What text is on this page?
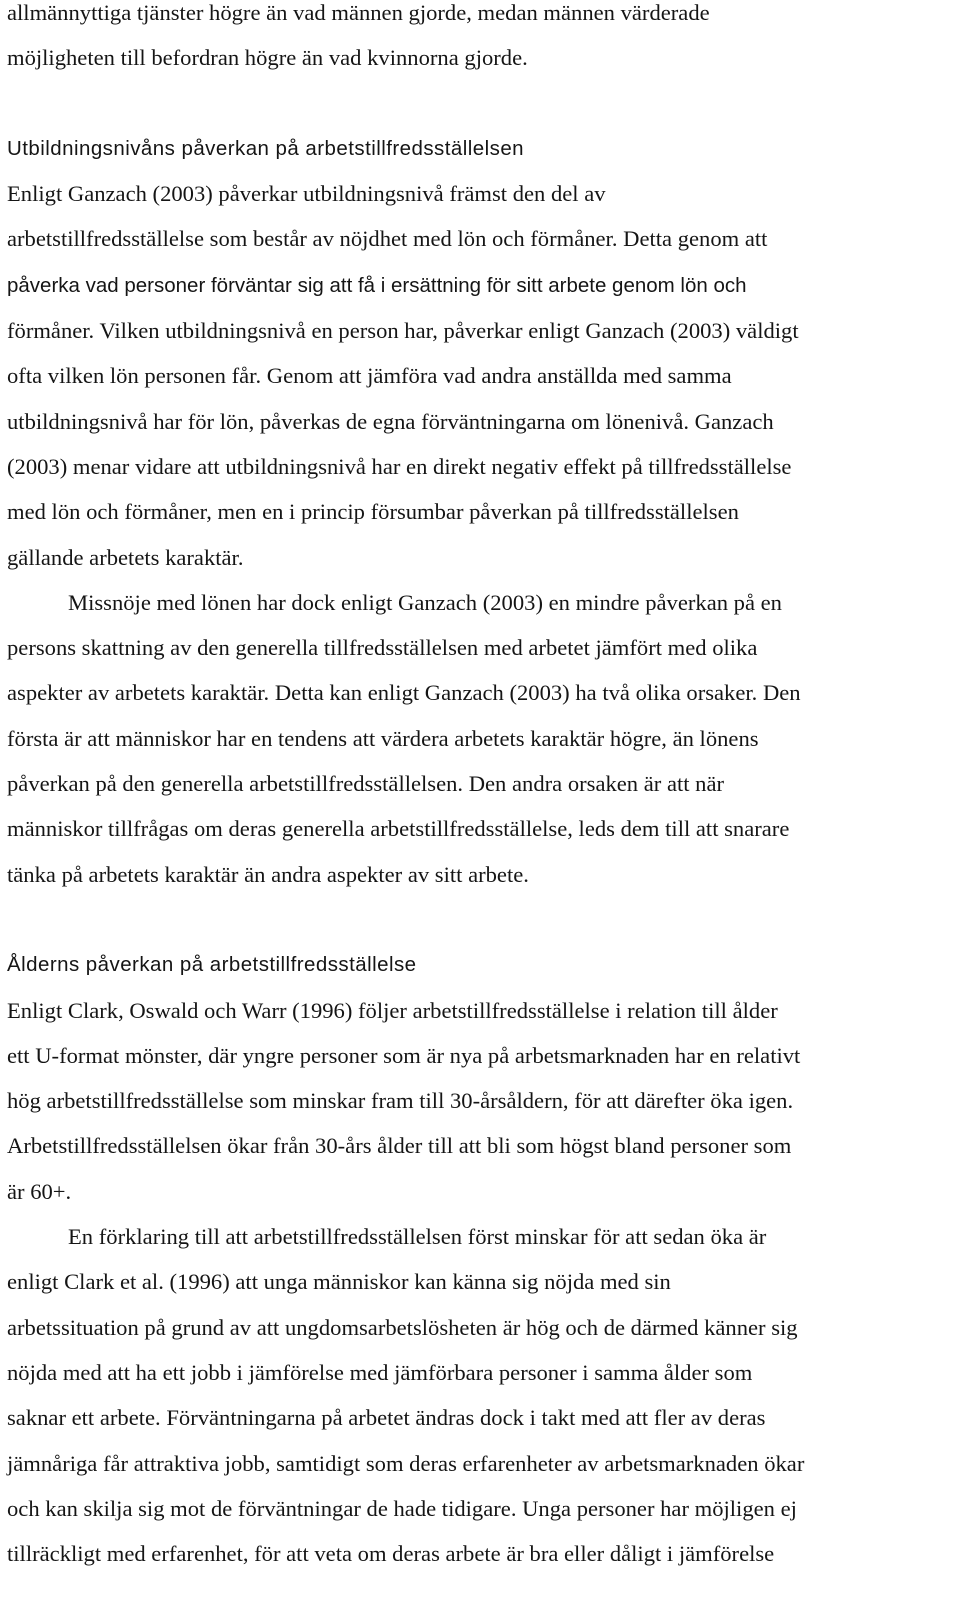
allmännyttiga tjänster högre än vad männen gjorde, medan männen värderade
möjligheten till befordran högre än vad kvinnorna gjorde.

Utbildningsnivåns påverkan på arbetstillfredsställelsen

Enligt Ganzach (2003) påverkar utbildningsnivå främst den del av
arbetstillfredsställelse som består av nöjdhet med lön och förmåner. Detta genom att
påverka vad personer förväntar sig att få i ersättning för sitt arbete genom lön och
förmåner. Vilken utbildningsnivå en person har, påverkar enligt Ganzach (2003) väldigt
ofta vilken lön personen får. Genom att jämföra vad andra anställda med samma
utbildningsnivå har för lön, påverkas de egna förväntningarna om lönenivå. Ganzach
(2003) menar vidare att utbildningsnivå har en direkt negativ effekt på tillfredsställelse
med lön och förmåner, men en i princip försumbar påverkan på tillfredsställelsen
gällande arbetets karaktär.

Missnöje med lönen har dock enligt Ganzach (2003) en mindre påverkan på en
persons skattning av den generella tillfredsställelsen med arbetet jämfört med olika
aspekter av arbetets karaktär. Detta kan enligt Ganzach (2003) ha två olika orsaker. Den
första är att människor har en tendens att värdera arbetets karaktär högre, än lönens
påverkan på den generella arbetstillfredsställelsen. Den andra orsaken är att när
människor tillfrågas om deras generella arbetstillfredsställelse, leds dem till att snarare
tänka på arbetets karaktär än andra aspekter av sitt arbete.

Ålderns påverkan på arbetstillfredsställelse

Enligt Clark, Oswald och Warr (1996) följer arbetstillfredsställelse i relation till ålder
ett U-format mönster, där yngre personer som är nya på arbetsmarknaden har en relativt
hög arbetstillfredsställelse som minskar fram till 30-årsåldern, för att därefter öka igen.
Arbetstillfredsställelsen ökar från 30-års ålder till att bli som högst bland personer som
är 60+.

En förklaring till att arbetstillfredsställelsen först minskar för att sedan öka är
enligt Clark et al. (1996) att unga människor kan känna sig nöjda med sin
arbetssituation på grund av att ungdomsarbetslösheten är hög och de därmed känner sig
nöjda med att ha ett jobb i jämförelse med jämförbara personer i samma ålder som
saknar ett arbete. Förväntningarna på arbetet ändras dock i takt med att fler av deras
jämnåriga får attraktiva jobb, samtidigt som deras erfarenheter av arbetsmarknaden ökar
och kan skilja sig mot de förväntningar de hade tidigare. Unga personer har möjligen ej
tillräckligt med erfarenhet, för att veta om deras arbete är bra eller dåligt i jämförelse
